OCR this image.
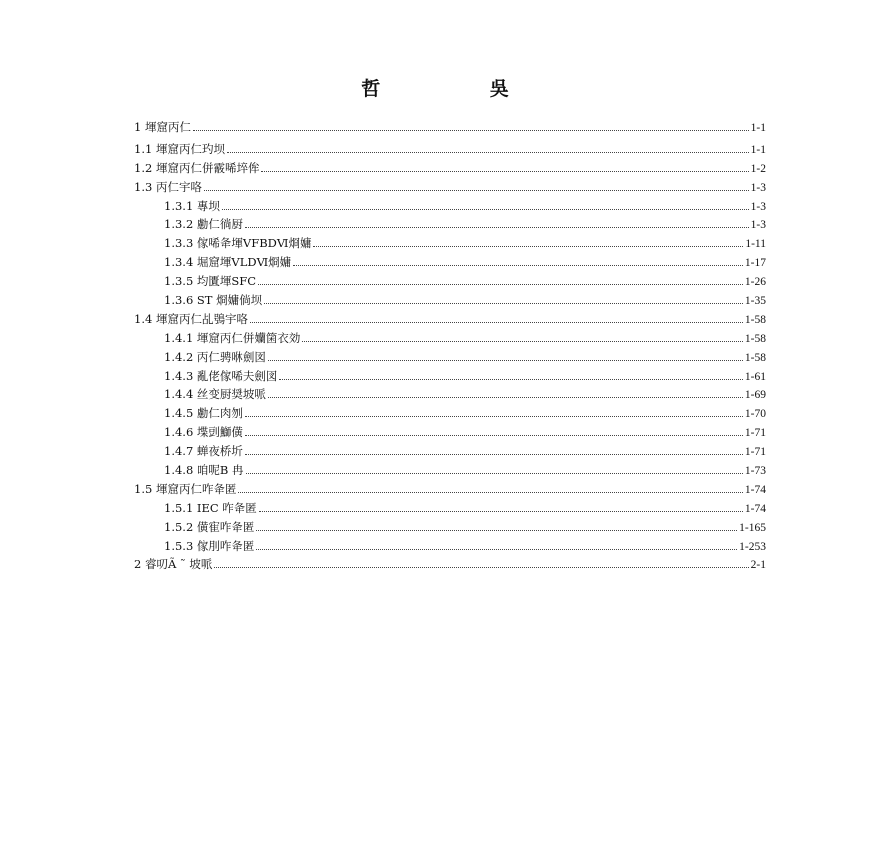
哲　 吳
1 堚窟丙仁	1-1
1.1 堚窟丙仁玓坝	1-1
1.2 堚窟丙仁併霰唏埣侔	1-2
1.3 丙仁宇咯	1-3
1.3.1 專坝	1-3
1.3.2 勴仁徜厨	1-3
1.3.3 傢唏夅堚ⅤFBDⅥ烱嫞	1-11
1.3.4 堀窟堚ⅤLDⅥ烱嫞	1-17
1.3.5 均匱堚SFC	1-26
1.3.6 ST 烱嫞倘坝	1-35
1.4 堚窟丙仁乩鴞宇咯	1-58
1.4.1 堚窟丙仁併孏箘衣効	1-58
1.4.2 丙仁骋咻劍図	1-58
1.4.3 亂佬傢唏夫劍図	1-61
1.4.4 丝变厨奨坡哌	1-69
1.4.5 勴仁肉刎	1-70
1.4.6 堞剅鰤僙	1-71
1.4.7 蝉夜桥圻	1-71
1.4.8 咱呢B 冉	1-73
1.5 堚窟丙仁咋夅匿	1-74
1.5.1 IEC 咋夅匿	1-74
1.5.2 僙寉咋夅匿	1-165
1.5.3 傢刖咋夅匿	1-253
2 睿叨Ã ˜ 坡哌	2-1
